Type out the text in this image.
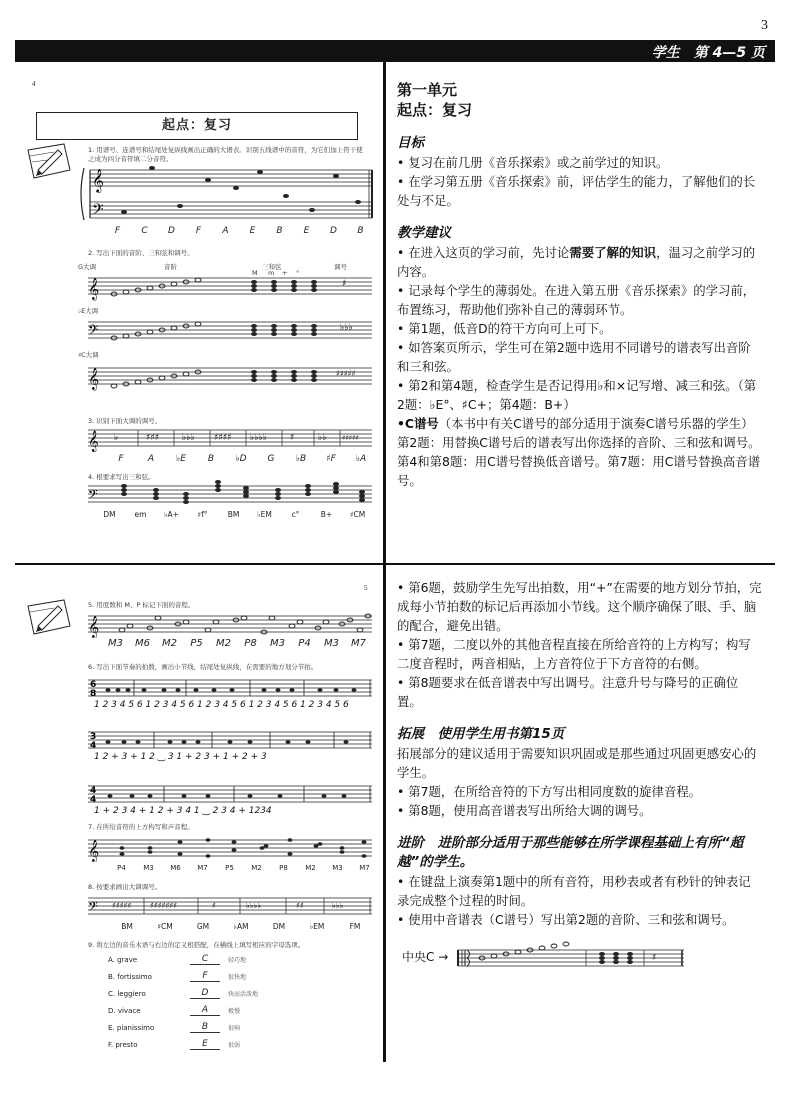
3
学生　第 4—5 页
4
起点：复习
1. 用谱号、连谱号和结尾处复纵线画出正确的大谱表。识别五线谱中的音符，为它们加上符干使之成为四分音符填二分音符。
𝄞
𝄢
F	C	D	F	A	E	B	E	D	B
2. 写出下面的音阶、三和弦和调号。
音阶	三和弦	调号
M m + °
G大调
♭E大调
♯C大调
𝄞
𝄢
𝄞
♯
♭♭♭
♯♯♯♯♯
3. 识别下面大调的调号。
𝄞 ♭	♯♯♯	♭♭♭ ♯♯♯♯ ♭♭♭♭	♯	♭♭ ♯♯♯♯♯
F	A	♭E	B	♭D	G	♭B	♯F	♭A
4. 根要求写出三和弦。
𝄢
DM	em	♭A+	♯f°	BM	♭EM	c°	B+	♯CM
5
5. 用度数和 M、P 标记下面的音程。
𝄞
M3	M6	M2	P5	M2	P8	M3	P4	M3	M7
6. 写出下面节奏的拍数，画出小节线，结尾处复纵线，在需要的地方划分节拍。
6
8
3
4
4
4
1 2 3 4 5 6 1 2 3 4 5 6 1 2 3 4 5 6 1 2 3 4 5 6 1 2 3 4 5 6
1 2 + 3 + 1 2 ‿ 3 1 + 2 3 + 1 + 2 + 3
1 + 2 3 4 + 1 2 + 3 4 1 ‿ 2 3 4 + 1234
7. 在所给音符的上方构写和声音程。
𝄞
P4	M3	M6	M7	P5	M2	P8	M2	M3	M7
8. 按要求画出大调调号。
𝄢 ♯♯♯♯♯ ♯♯♯♯♯♯♯	♯	♭♭♭♭	♯♯	♭♭♭
BM	♯CM	GM	♭AM	DM	♭EM	FM
9. 将左边的音乐术语与右边的定义相搭配，在横线上填写相应的字母选项。
A. grave	C	轻巧地
B. fortissimo	F	很快地
C. leggiero	D	快而活泼地
D. vivace	A	极慢
E. pianissimo	B	很响
F. presto	E	很弱

第一单元

起点：复习

目标

• 复习在前几册《音乐探索》或之前学过的知识。

• 在学习第五册《音乐探索》前，评估学生的能力，了解他们的长处与不足。

教学建议

• 在进入这页的学习前，先讨论需要了解的知识，温习之前学习的内容。

• 记录每个学生的薄弱处。在进入第五册《音乐探索》的学习前，布置练习，帮助他们弥补自己的薄弱环节。

• 第1题，低音D的符干方向可上可下。

• 如答案页所示，学生可在第2题中选用不同谱号的谱表写出音阶和三和弦。

• 第2和第4题，检查学生是否记得用♭和×记写增、减三和弦。（第2题：♭E°、♯C+；第4题：B+）

•C谱号（本书中有关C谱号的部分适用于演奏C谱号乐器的学生）第2题：用替换C谱号后的谱表写出你选择的音阶、三和弦和调号。第4和第8题：用C谱号替换低音谱号。第7题：用C谱号替换高音谱号。

• 第6题，鼓励学生先写出拍数，用“+”在需要的地方划分节拍，完成每小节拍数的标记后再添加小节线。这个顺序确保了眼、手、脑的配合，避免出错。

• 第7题，二度以外的其他音程直接在所给音符的上方构写；构写二度音程时，两音相贴，上方音符位于下方音符的右侧。

• 第8题要求在低音谱表中写出调号。注意升号与降号的正确位置。

拓展　使用学生用书第15页

拓展部分的建议适用于需要知识巩固或是那些通过巩固更感安心的学生。

• 第7题，在所给音符的下方写出相同度数的旋律音程。

• 第8题，使用高音谱表写出所给大调的调号。

进阶　进阶部分适用于那些能够在所学课程基础上有所“超越”的学生。

• 在键盘上演奏第1题中的所有音符，用秒表或者有秒针的钟表记录完成整个过程的时间。

• 使用中音谱表（C谱号）写出第2题的音阶、三和弦和调号。

中央C →	♯
